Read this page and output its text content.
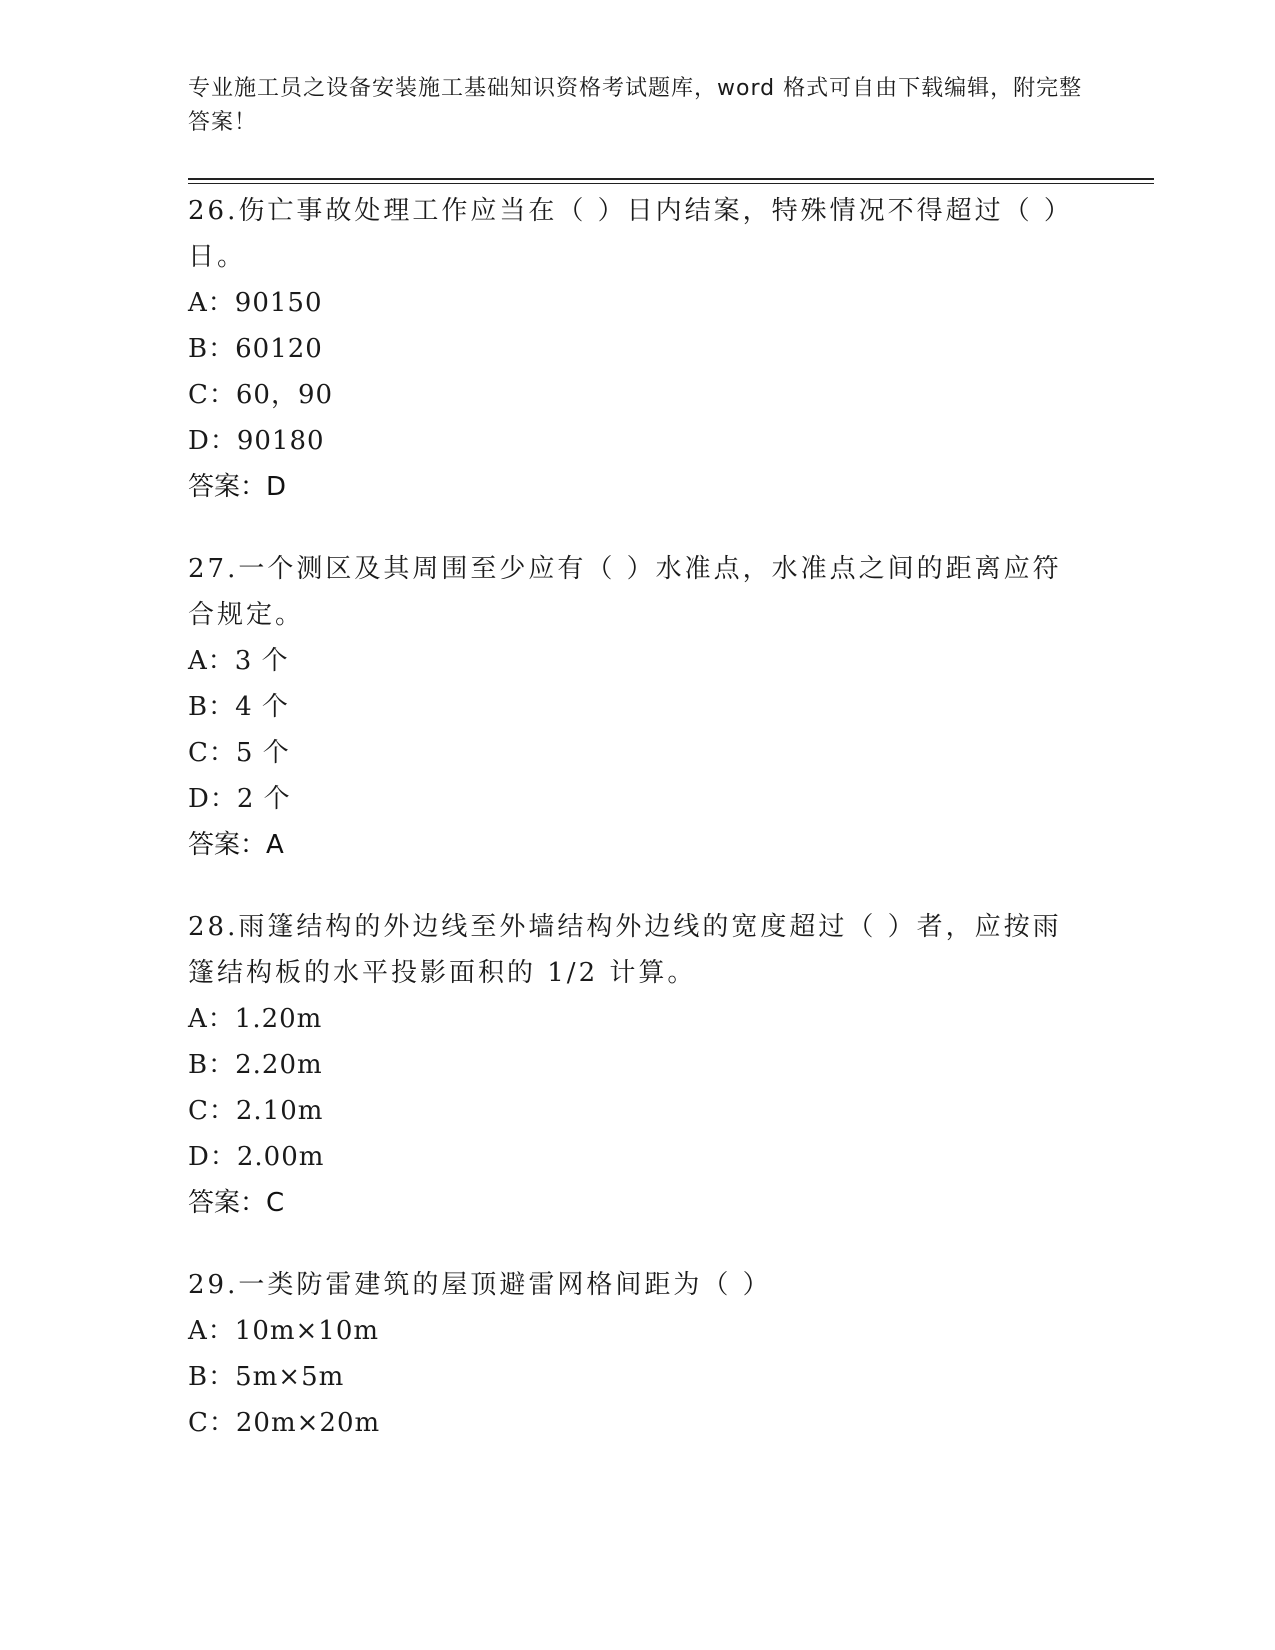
专业施工员之设备安装施工基础知识资格考试题库，word 格式可自由下载编辑，附完整答案！

26.伤亡事故处理工作应当在（ ）日内结案，特殊情况不得超过（ ）日。

A：90150

B：60120

C：60，90

D：90180

答案：D

27.一个测区及其周围至少应有（ ）水准点，水准点之间的距离应符合规定。

A：3 个

B：4 个

C：5 个

D：2 个

答案：A

28.雨篷结构的外边线至外墙结构外边线的宽度超过（ ）者，应按雨篷结构板的水平投影面积的 1/2 计算。

A：1.20m

B：2.20m

C：2.10m

D：2.00m

答案：C

29.一类防雷建筑的屋顶避雷网格间距为（ ）

A：10m×10m

B：5m×5m

C：20m×20m
